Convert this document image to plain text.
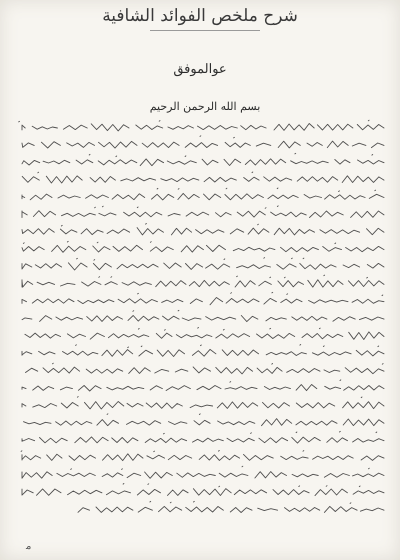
شرح ملخص الفوائد الشافية
عوالموفق
بسم الله الرحمن الرحيم
ﻣ
